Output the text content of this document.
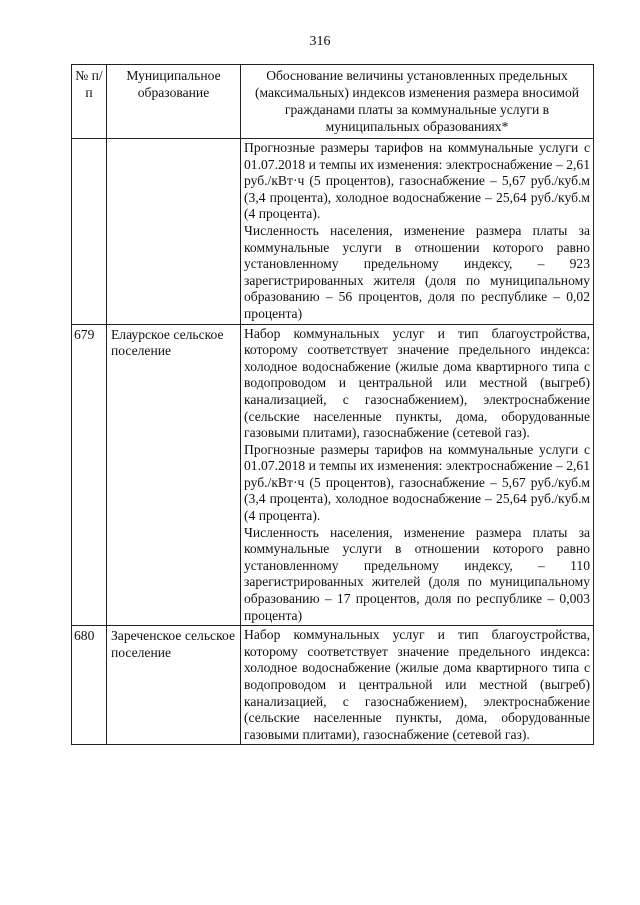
316
№ п/п	Муниципальное образование	Обоснование величины установленных предельных (максимальных) индексов изменения размера вносимой гражданами платы за коммунальные услуги в муниципальных образованиях*

		Прогнозные размеры тарифов на коммунальные услуги с 01.07.2018 и темпы их изменения: электроснабжение – 2,61 руб./кВт·ч (5 процентов), газоснабжение – 5,67 руб./куб.м (3,4 процента), холодное водоснабжение – 25,64 руб./куб.м (4 процента).

Численность населения, изменение размера платы за коммунальные услуги в отношении которого равно установленному предельному индексу, – 923 зарегистрированных жителя (доля по муниципальному образованию – 56 процентов, доля по республике – 0,02 процента)

679	Елаурское сельское поселение	Набор коммунальных услуг и тип благоустройства, которому соответствует значение предельного индекса: холодное водоснабжение (жилые дома квартирного типа с водопроводом и центральной или местной (выгреб) канализацией, с газоснабжением), электроснабжение (сельские населенные пункты, дома, оборудованные газовыми плитами), газоснабжение (сетевой газ).

Прогнозные размеры тарифов на коммунальные услуги с 01.07.2018 и темпы их изменения: электроснабжение – 2,61 руб./кВт·ч (5 процентов), газоснабжение – 5,67 руб./куб.м (3,4 процента), холодное водоснабжение – 25,64 руб./куб.м (4 процента).

Численность населения, изменение размера платы за коммунальные услуги в отношении которого равно установленному предельному индексу, – 110 зарегистрированных жителей (доля по муниципальному образованию – 17 процентов, доля по республике – 0,003 процента)

680	Зареченское сельское поселение	Набор коммунальных услуг и тип благоустройства, которому соответствует значение предельного индекса: холодное водоснабжение (жилые дома квартирного типа с водопроводом и центральной или местной (выгреб) канализацией, с газоснабжением), электроснабжение (сельские населенные пункты, дома, оборудованные газовыми плитами), газоснабжение (сетевой газ).
